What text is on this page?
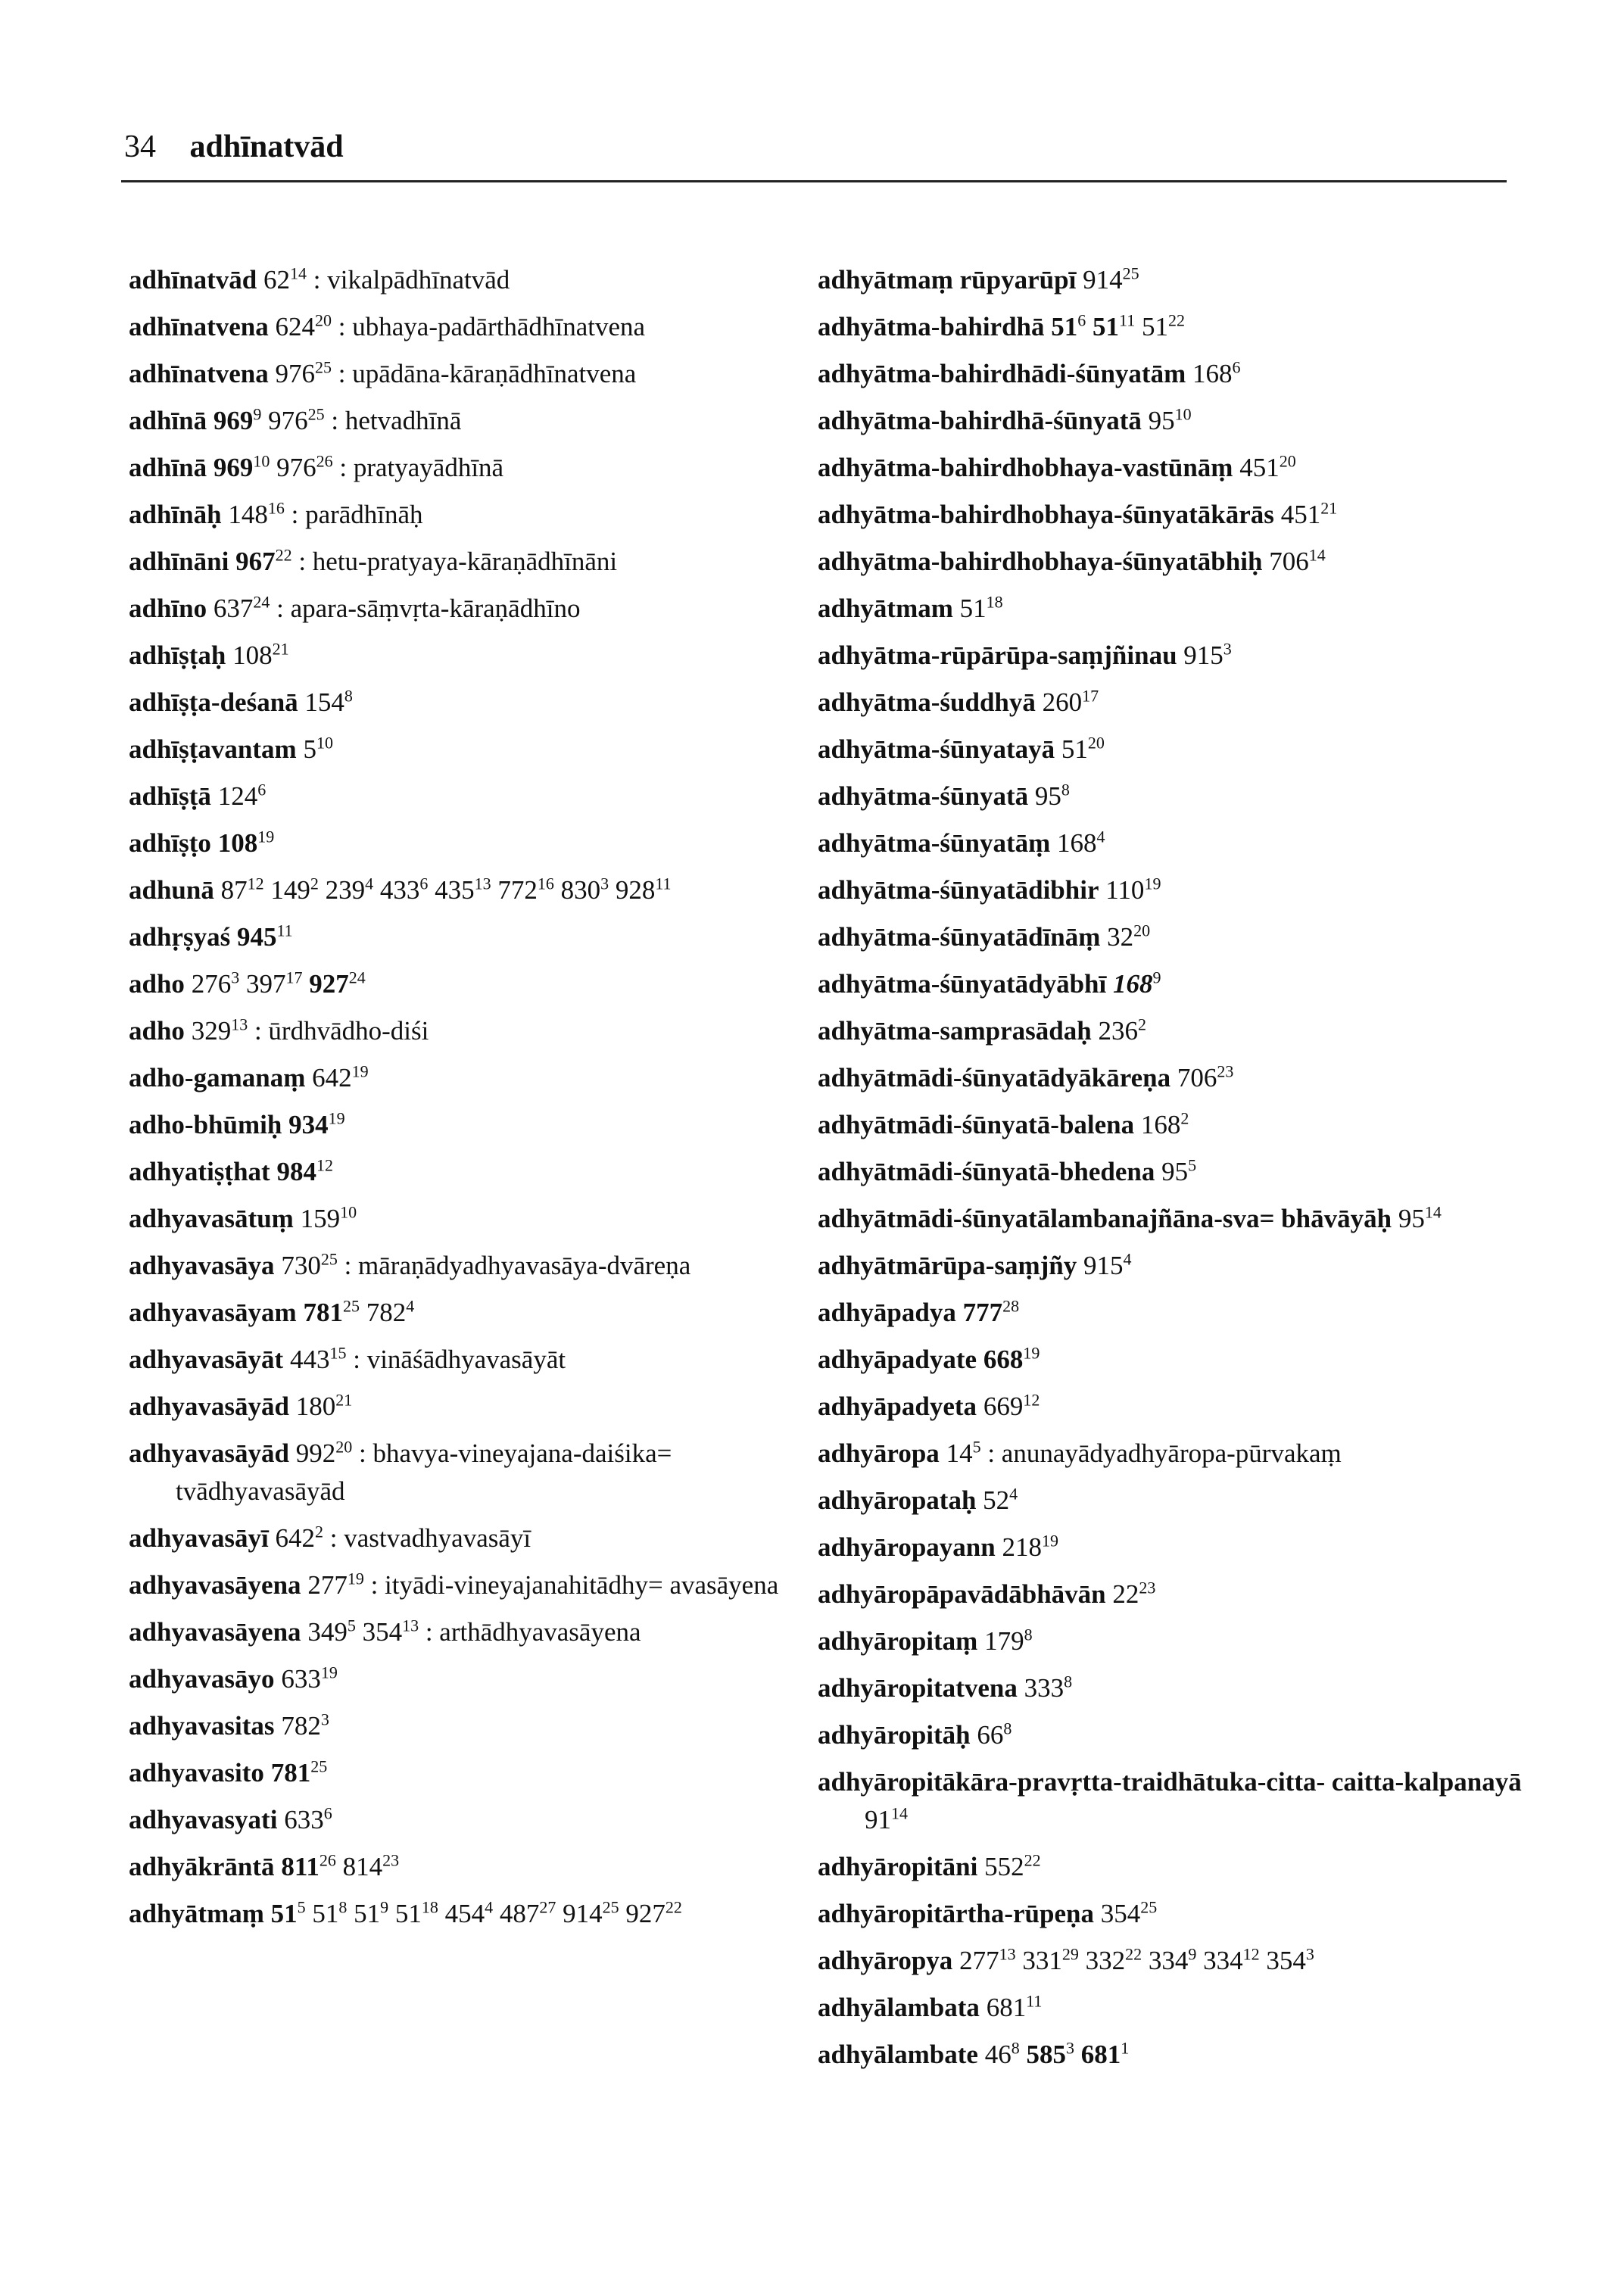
34 adhīnatvād
adhīnatvād $62^{14}$ : vikalpādhīnatvād
adhīnatvena $624^{20}$ : ubhaya-padārthādhīnatvena
adhīnatvena $976^{25}$ : upādāna-kāraṇādhīnatvena
adhīnā $969^9$ $976^{25}$ : hetvadhīnā
adhīnā $969^{10}$ $976^{26}$ : pratyayādhīnā
adhīnāḥ $148^{16}$ : parādhīnāḥ
adhīnāni $967^{22}$ : hetu-pratyaya-kāraṇādhīnāni
adhīno $637^{24}$ : apara-sāṃvṛta-kāraṇādhīno
adhīṣṭaḥ $108^{21}$
adhīṣṭa-deśanā $154^8$
adhīṣṭavantam $5^{10}$
adhīṣṭā $124^6$
adhīṣṭo $108^{19}$
adhunā $87^{12}$ $149^2$ $239^4$ $433^6$ $435^{13}$ $772^{16}$ $830^3$ $928^{11}$
adhṛṣyaś $945^{11}$
adho $276^3$ $397^{17}$ $927^{24}$
adho $329^{13}$ : ūrdhvādho-diśi
adho-gamanaṃ $642^{19}$
adho-bhūmiḥ $934^{19}$
adhyatiṣṭhat $984^{12}$
adhyavasātuṃ $159^{10}$
adhyavasāya $730^{25}$ : māraṇādyadhyavasāya-dvāreṇa
adhyavasāyam $781^{25}$ $782^4$
adhyavasāyāt $443^{15}$ : vināśādhyavasāyāt
adhyavasāyād $180^{21}$
adhyavasāyād $992^{20}$ : bhavya-vineyajana-daiśika= tvādhyavasāyād
adhyavasāyī $642^2$ : vastvadhyavasāyī
adhyavasāyena $277^{19}$ : ityādi-vineyajanahitādhy= avasāyena
adhyavasāyena $349^5$ $354^{13}$ : arthādhyavasāyena
adhyavasāyo $633^{19}$
adhyavasitas $782^3$
adhyavasito $781^{25}$
adhyavasyati $633^6$
adhyākrāntā $811^{26}$ $814^{23}$
adhyātmaṃ $51^5$ $51^8$ $51^9$ $51^{18}$ $454^4$ $487^{27}$ $914^{25}$ $927^{22}$
adhyātmaṃ rūpyarūpī $914^{25}$
adhyātma-bahirdhā $51^6$ $51^{11}$ $51^{22}$
adhyātma-bahirdhādi-śūnyatām $168^6$
adhyātma-bahirdhā-śūnyatā $95^{10}$
adhyātma-bahirdhobhaya-vastūnāṃ $451^{20}$
adhyātma-bahirdhobhaya-śūnyatākārās $451^{21}$
adhyātma-bahirdhobhaya-śūnyatābhiḥ $706^{14}$
adhyātmam $51^{18}$
adhyātma-rūpārūpa-saṃjñinau $915^3$
adhyātma-śuddhyā $260^{17}$
adhyātma-śūnyatayā $51^{20}$
adhyātma-śūnyatā $95^8$
adhyātma-śūnyatāṃ $168^4$
adhyātma-śūnyatādibhir $110^{19}$
adhyātma-śūnyatādīnāṃ $32^{20}$
adhyātma-śūnyatādyābhī $168^9$
adhyātma-samprasādaḥ $236^2$
adhyātmādi-śūnyatādyākāreṇa $706^{23}$
adhyātmādi-śūnyatā-balena $168^2$
adhyātmādi-śūnyatā-bhedena $95^5$
adhyātmādi-śūnyatālambanajñāna-sva= bhāvāyāḥ $95^{14}$
adhyātmārūpa-saṃjñy $915^4$
adhyāpadya $777^{28}$
adhyāpadyate $668^{19}$
adhyāpadyeta $669^{12}$
adhyāropa $14^5$ : anunayādyadhyāropa-pūrvakaṃ
adhyāropataḥ $52^4$
adhyāropayann $218^{19}$
adhyāropāpavādābhāvān $22^{23}$
adhyāropitaṃ $179^8$
adhyāropitatvena $333^8$
adhyāropitāḥ $66^8$
adhyāropitākāra-pravṛtta-traidhātuka-citta- caitta-kalpanayā $91^{14}$
adhyāropitāni $552^{22}$
adhyāropitārtha-rūpeṇa $354^{25}$
adhyāropya $277^{13}$ $331^{29}$ $332^{22}$ $334^9$ $334^{12}$ $354^3$
adhyālambata $681^{11}$
adhyālambate $46^8$ $585^3$ $681^1$
